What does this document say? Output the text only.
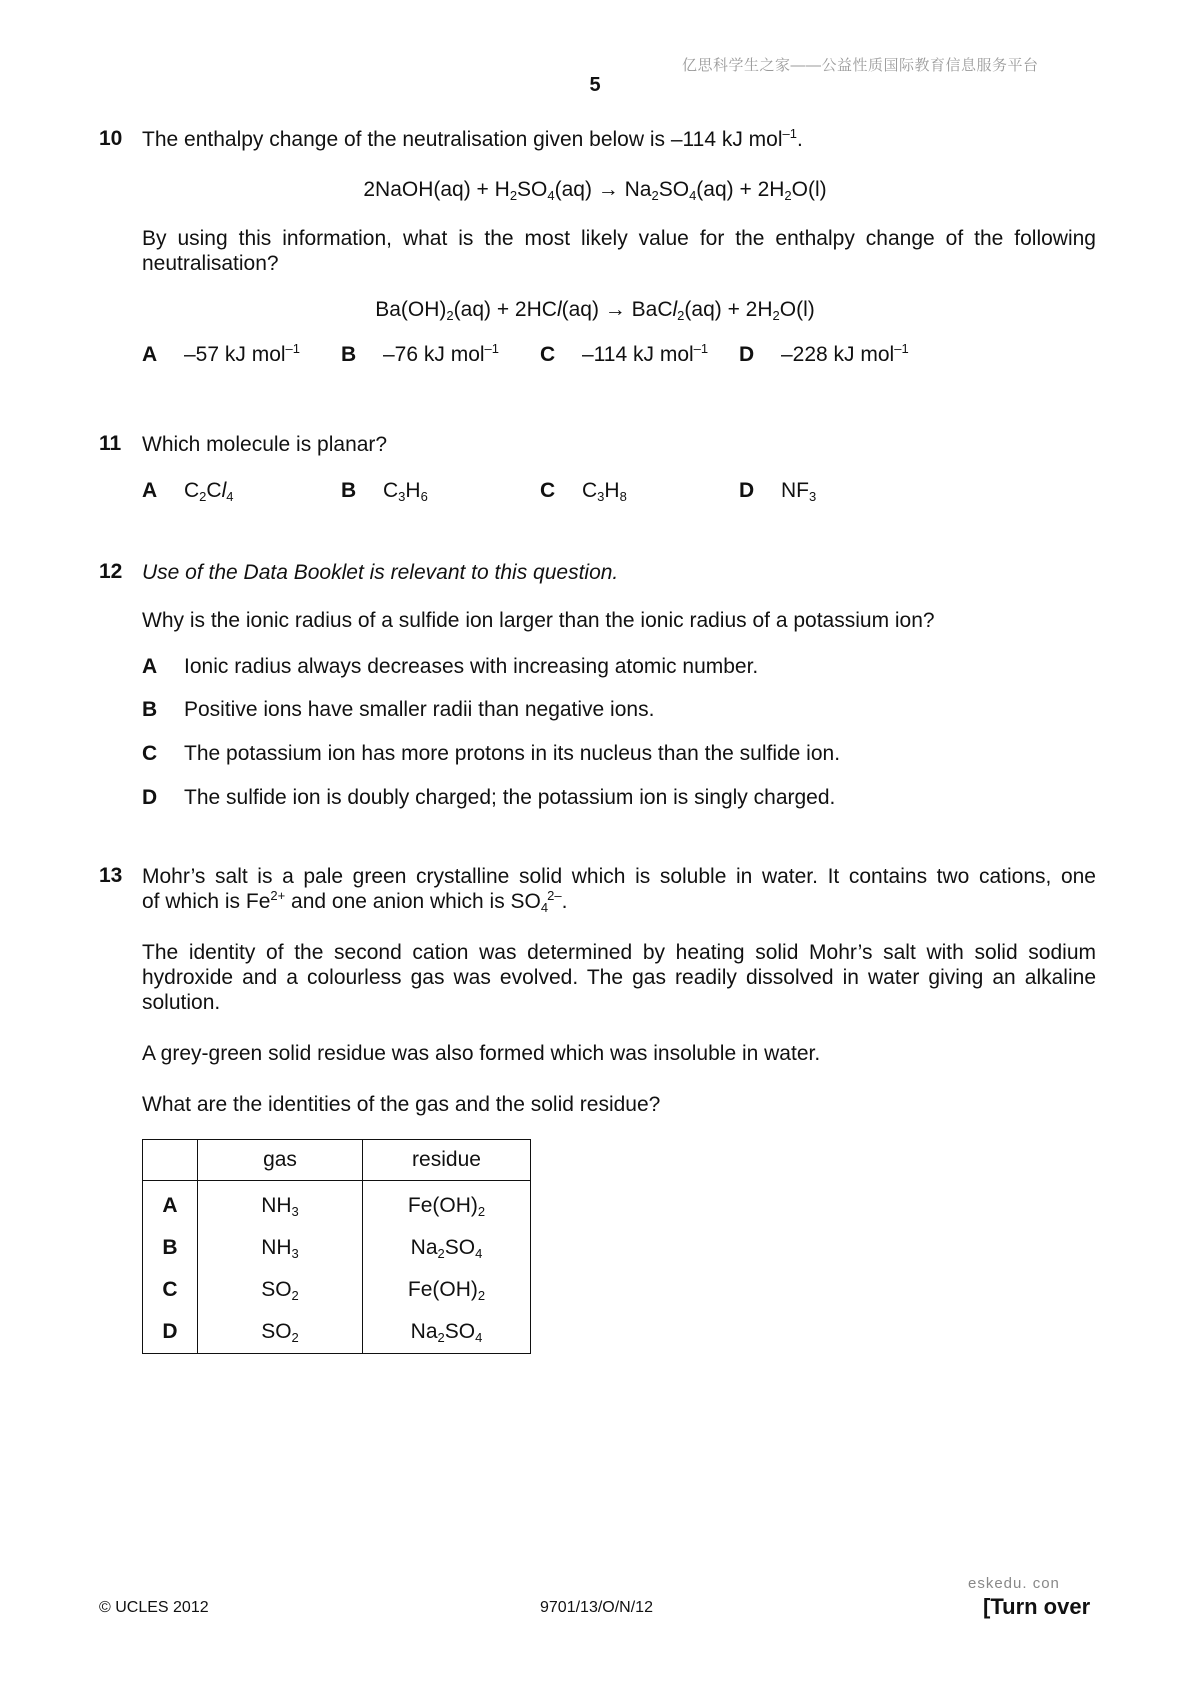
亿思科学生之家——公益性质国际教育信息服务平台
5
10 The enthalpy change of the neutralisation given below is –114 kJ mol$^{-1}$.
2NaOH(aq) + $H_2SO_4(aq) \to Na_2SO_4(aq) + 2H_2O(l)$
By using this information, what is the most likely value for the enthalpy change of the following neutralisation?
$Ba(OH)_2(aq) + 2HCl(aq)$ → BaCl$_2$(aq) + $2H_2O(l)$
A –57 kJ mol$^{-1}$ B –76 kJ mol$^{-1}$ C –114 kJ mol$^{-1}$ D –228 kJ mol$^{-1}$
11 Which molecule is planar?
A $C_2Cl_4$	B $C_3H_6$	C $C_3H_8$	D $NF_3$
12 Use of the Data Booklet is relevant to this question.
Why is the ionic radius of a sulfide ion larger than the ionic radius of a potassium ion?
A Ionic radius always decreases with increasing atomic number.
B Positive ions have smaller radii than negative ions.
C The potassium ion has more protons in its nucleus than the sulfide ion.
D The sulfide ion is doubly charged; the potassium ion is singly charged.
13 Mohr’s salt is a pale green crystalline solid which is soluble in water. It contains two cations, one
of which is $Fe^{2+}$ and one anion which is $SO_4^{2-}$.
The identity of the second cation was determined by heating solid Mohr’s salt with solid sodium hydroxide and a colourless gas was evolved. The gas readily dissolved in water giving an alkaline solution.
A grey-green solid residue was also formed which was insoluble in water.
What are the identities of the gas and the solid residue?
	gas	residue
A	$NH_3$	$Fe(OH)_2$
B	$NH_3$	$Na_2SO_4$
C	$SO_2$	$Fe(OH)_2$
D	$SO_2$	$Na_2SO_4$
eskedu. con
© UCLES 2012	9701/13/O/N/12	[Turn over
